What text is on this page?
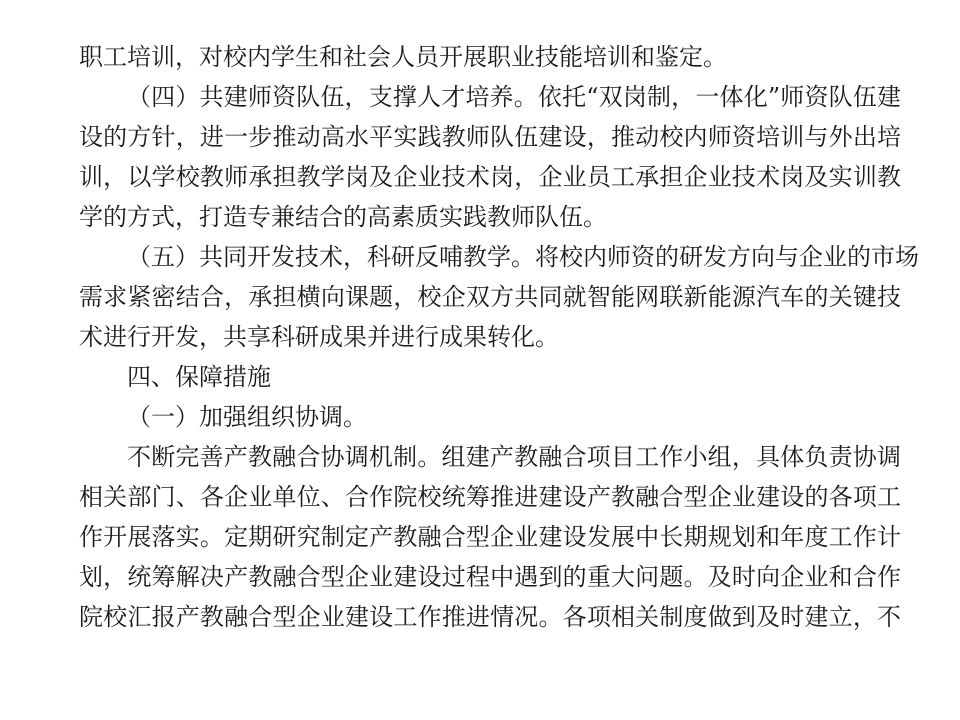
职工培训，对校内学生和社会人员开展职业技能培训和鉴定。
（四）共建师资队伍，支撑人才培养。依托“双岗制，一体化”师资队伍建
设的方针，进一步推动高水平实践教师队伍建设，推动校内师资培训与外出培
训，以学校教师承担教学岗及企业技术岗，企业员工承担企业技术岗及实训教
学的方式，打造专兼结合的高素质实践教师队伍。
（五）共同开发技术，科研反哺教学。将校内师资的研发方向与企业的市场
需求紧密结合，承担横向课题，校企双方共同就智能网联新能源汽车的关键技
术进行开发，共享科研成果并进行成果转化。
四、保障措施
（一）加强组织协调。
不断完善产教融合协调机制。组建产教融合项目工作小组，具体负责协调
相关部门、各企业单位、合作院校统筹推进建设产教融合型企业建设的各项工
作开展落实。定期研究制定产教融合型企业建设发展中长期规划和年度工作计
划，统筹解决产教融合型企业建设过程中遇到的重大问题。及时向企业和合作
院校汇报产教融合型企业建设工作推进情况。各项相关制度做到及时建立，不
